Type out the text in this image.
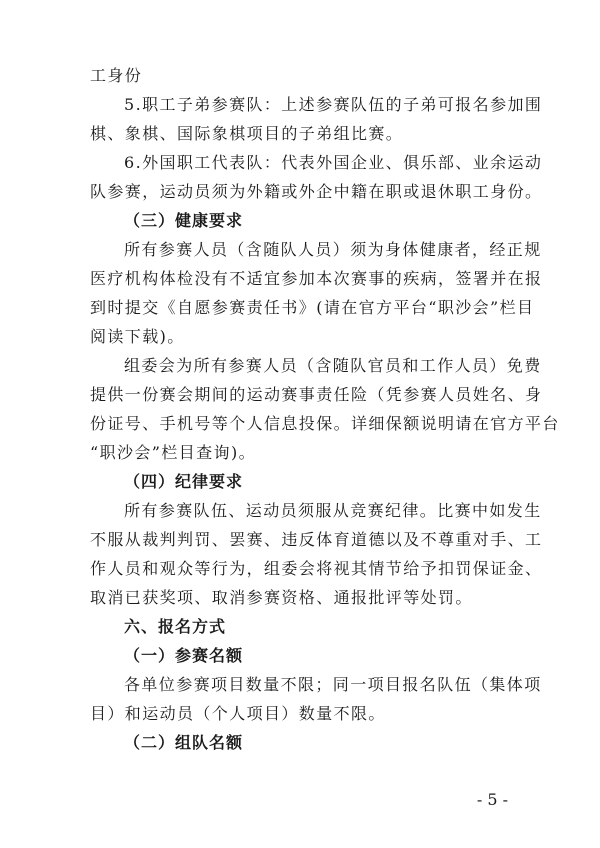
工身份
5.职工子弟参赛队：上述参赛队伍的子弟可报名参加围
棋、象棋、国际象棋项目的子弟组比赛。
6.外国职工代表队：代表外国企业、俱乐部、业余运动
队参赛，运动员须为外籍或外企中籍在职或退休职工身份。
（三）健康要求
所有参赛人员（含随队人员）须为身体健康者，经正规
医疗机构体检没有不适宜参加本次赛事的疾病，签署并在报
到时提交《自愿参赛责任书》(请在官方平台“职沙会”栏目
阅读下载)。
组委会为所有参赛人员（含随队官员和工作人员）免费
提供一份赛会期间的运动赛事责任险（凭参赛人员姓名、身
份证号、手机号等个人信息投保。详细保额说明请在官方平台
“职沙会”栏目查询)。
（四）纪律要求
所有参赛队伍、运动员须服从竞赛纪律。比赛中如发生
不服从裁判判罚、罢赛、违反体育道德以及不尊重对手、工
作人员和观众等行为，组委会将视其情节给予扣罚保证金、
取消已获奖项、取消参赛资格、通报批评等处罚。
六、报名方式
（一）参赛名额
各单位参赛项目数量不限；同一项目报名队伍（集体项
目）和运动员（个人项目）数量不限。
（二）组队名额
- 5 -
